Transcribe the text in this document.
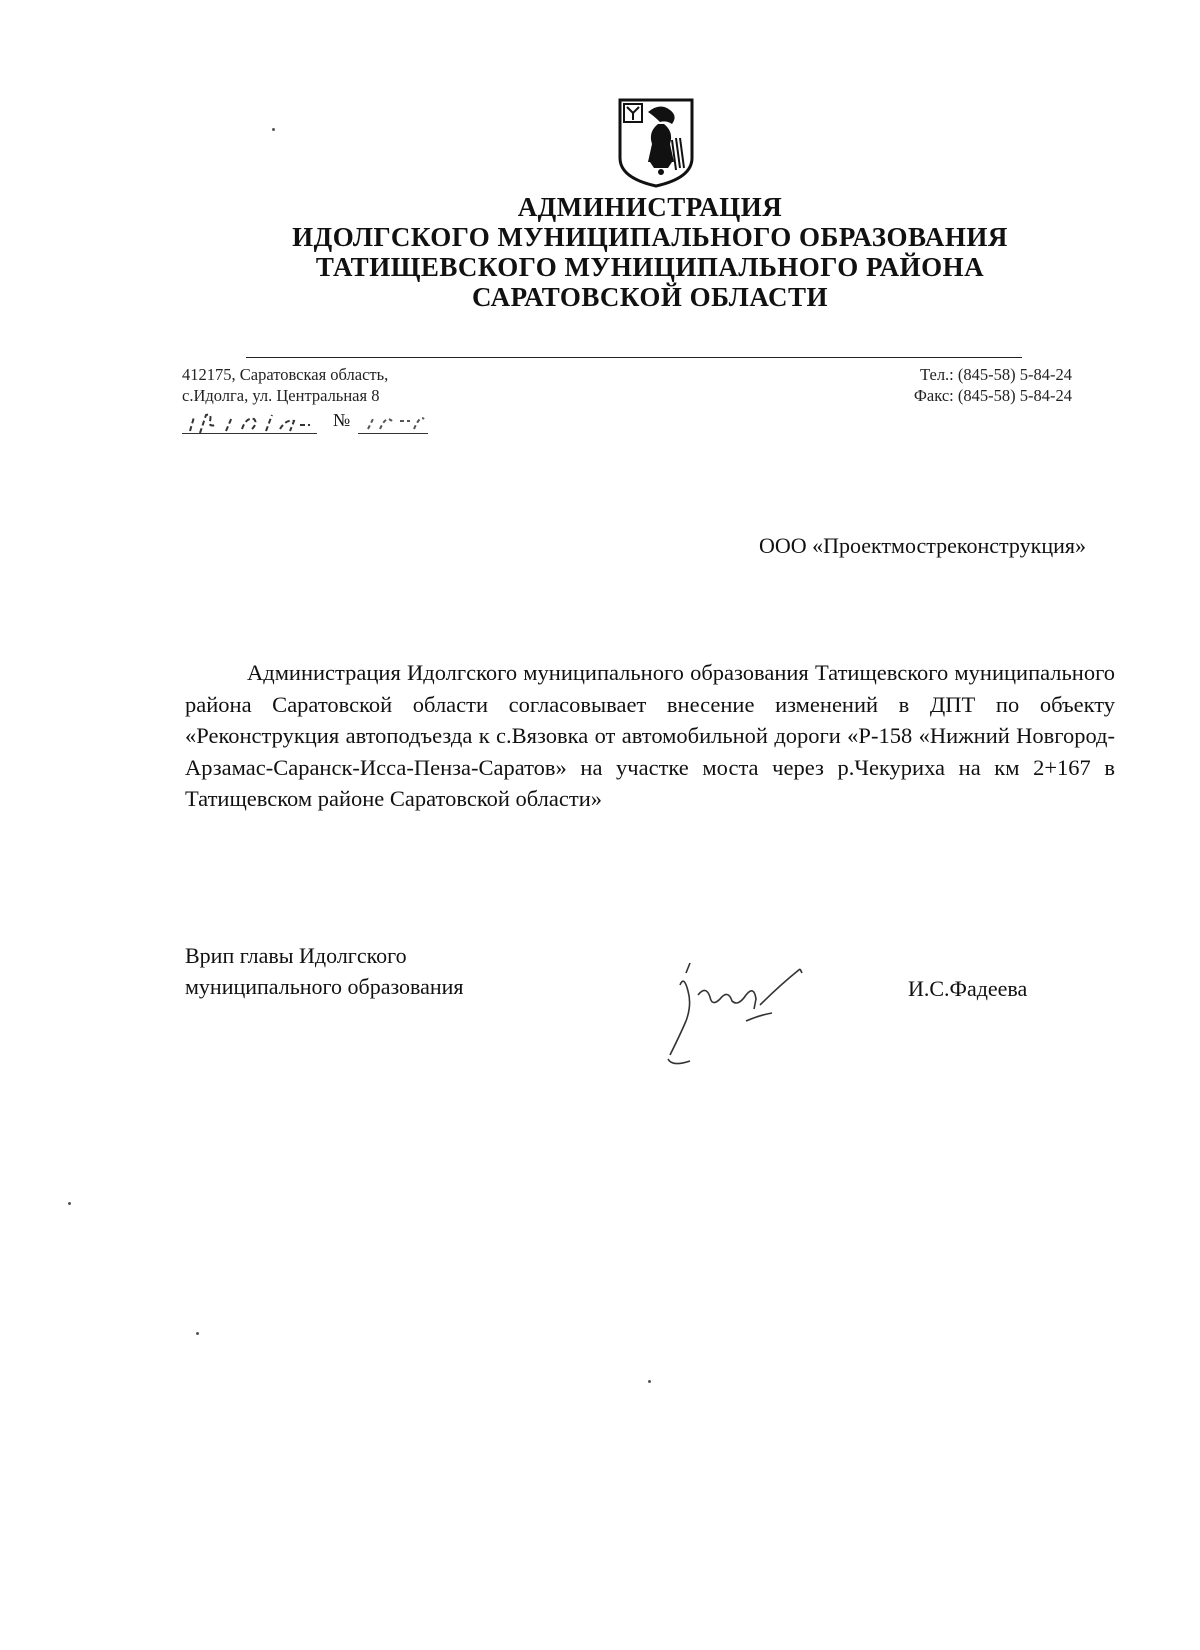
АДМИНИСТРАЦИЯ
ИДОЛГСКОГО МУНИЦИПАЛЬНОГО ОБРАЗОВАНИЯ
ТАТИЩЕВСКОГО МУНИЦИПАЛЬНОГО РАЙОНА
САРАТОВСКОЙ ОБЛАСТИ
412175, Саратовская область,
с.Идолга, ул. Центральная 8
Тел.: (845-58) 5-84-24
Факс: (845-58) 5-84-24
№
ООО «Проектмостреконструкция»
Администрация Идолгского муниципального образования Татищевского муниципального района Саратовской области согласовывает внесение изменений в ДПТ по объекту «Реконструкция автоподъезда к с.Вязовка от автомобильной дороги «Р-158 «Нижний Новгород-Арзамас-Саранск-Исса-Пенза-Саратов» на участке моста через р.Чекуриха на км 2+167 в Татищевском районе Саратовской области»
Врип главы Идолгского
муниципального образования	И.С.Фадеева
